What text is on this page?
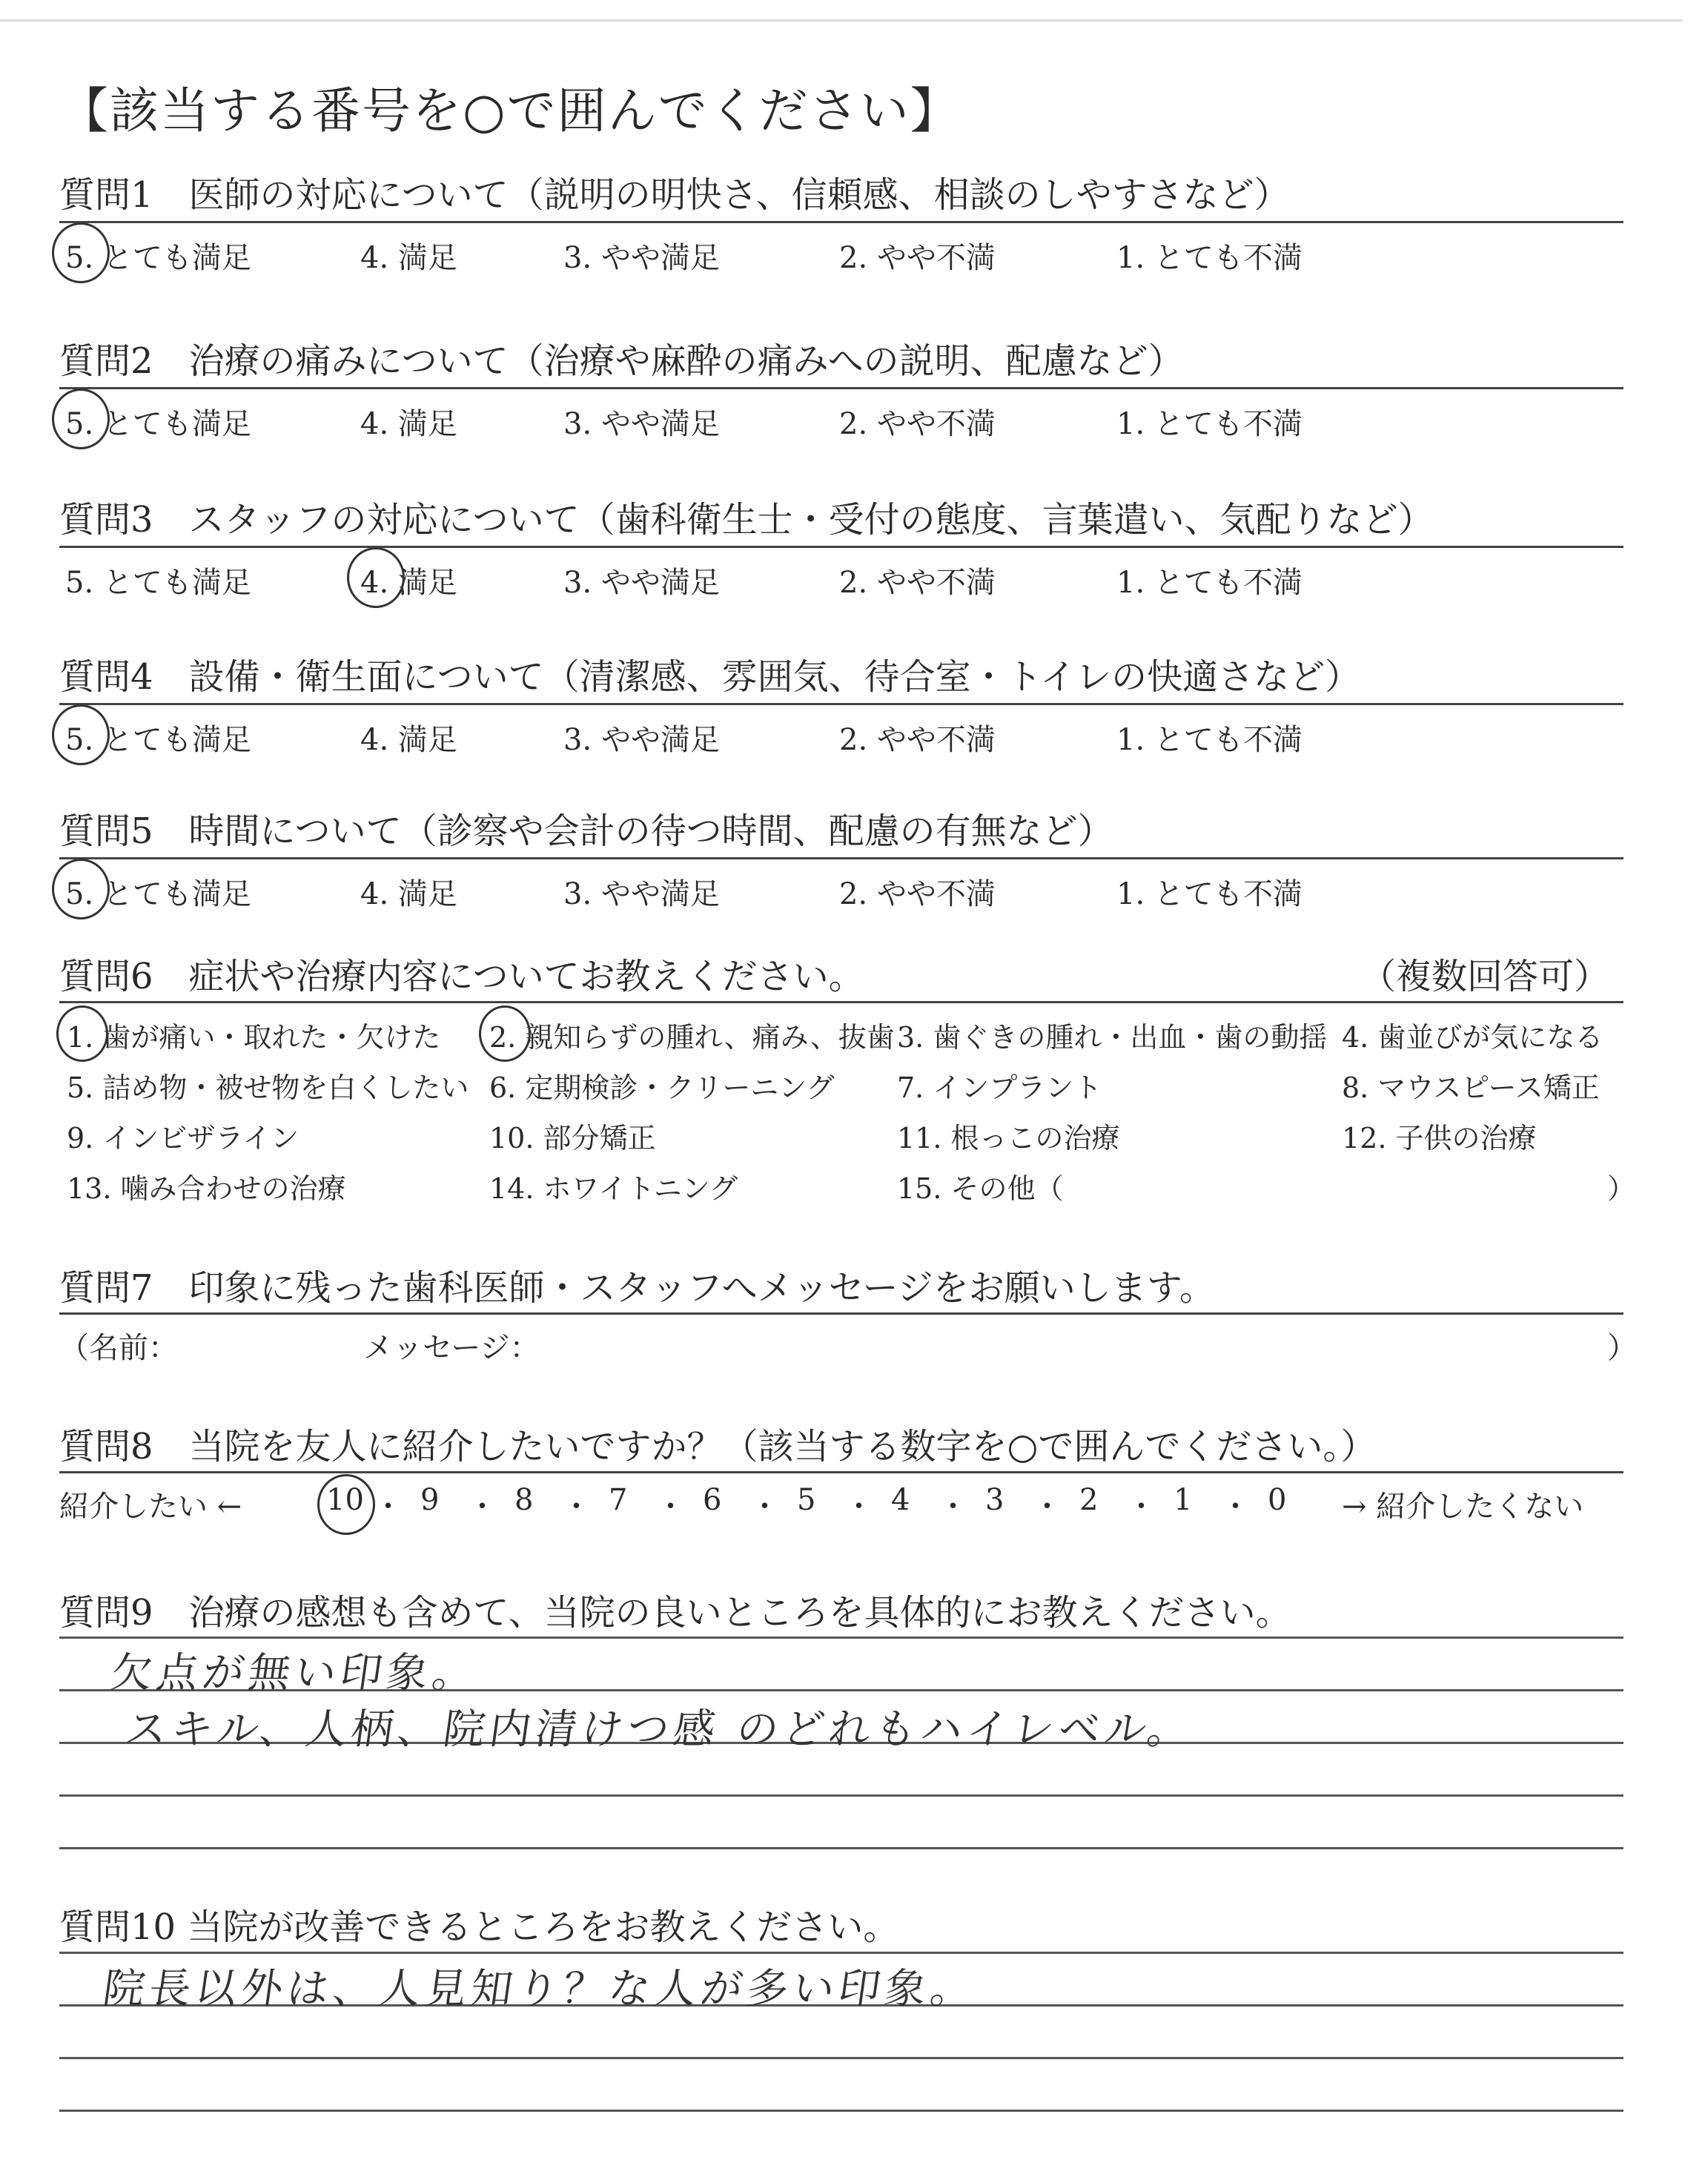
【該当する番号を○で囲んでください】
質問1　医師の対応について（説明の明快さ、信頼感、相談のしやすさなど）
5. とても満足	4. 満足	3. やや満足	2. やや不満	1. とても不満
質問2　治療の痛みについて（治療や麻酔の痛みへの説明、配慮など）
5. とても満足	4. 満足	3. やや満足	2. やや不満	1. とても不満
質問3　スタッフの対応について（歯科衛生士・受付の態度、言葉遣い、気配りなど）
5. とても満足	4. 満足	3. やや満足	2. やや不満	1. とても不満
質問4　設備・衛生面について（清潔感、雰囲気、待合室・トイレの快適さなど）
5. とても満足	4. 満足	3. やや満足	2. やや不満	1. とても不満
質問5　時間について（診察や会計の待つ時間、配慮の有無など）
5. とても満足	4. 満足	3. やや満足	2. やや不満	1. とても不満
質問6　症状や治療内容についてお教えください。	（複数回答可）
1. 歯が痛い・取れた・欠けた 2. 親知らずの腫れ、痛み、抜歯 3. 歯ぐきの腫れ・出血・歯の動揺 4. 歯並びが気になる
5. 詰め物・被せ物を白くしたい 6. 定期検診・クリーニング 7. インプラント	8. マウスピース矯正
9. インビザライン	10. 部分矯正	11. 根っこの治療	12. 子供の治療
13. 噛み合わせの治療	14. ホワイトニング	15. その他（	）
質問7　印象に残った歯科医師・スタッフへメッセージをお願いします。
（名前：	メッセージ：	）
質問8　当院を友人に紹介したいですか？（該当する数字を○で囲んでください。）
紹介したい ←	10 ・ 9 ・ 8 ・ 7 ・ 6 ・ 5 ・ 4 ・ 3 ・ 2 ・ 1 ・ 0 → 紹介したくない
質問9　治療の感想も含めて、当院の良いところを具体的にお教えください。
欠点が無い印象。
スキル、人柄、院内清けつ感 のどれもハイレベル。
質問10 当院が改善できるところをお教えください。
院長以外は、人見知り？な人が多い印象。
